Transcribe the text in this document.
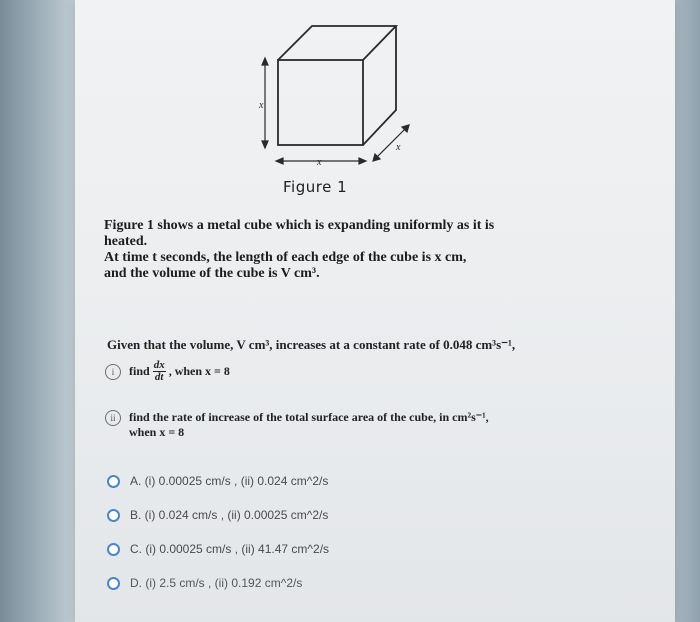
x
x
x
Figure 1

Figure 1 shows a metal cube which is expanding uniformly as it is heated.

At time t seconds, the length of each edge of the cube is x cm,

and the volume of the cube is V cm³.

Given that the volume, V cm³, increases at a constant rate of 0.048 cm³s⁻¹,
i	find $\frac{dx}{dt}$ , when x = 8
ii	find the rate of increase of the total surface area of the cube, in cm²s⁻¹,
when x = 8
A. (i) 0.00025 cm/s , (ii) 0.024 cm^2/s
B. (i) 0.024 cm/s , (ii) 0.00025 cm^2/s
C. (i) 0.00025 cm/s , (ii) 41.47 cm^2/s
D. (i) 2.5 cm/s , (ii) 0.192 cm^2/s
